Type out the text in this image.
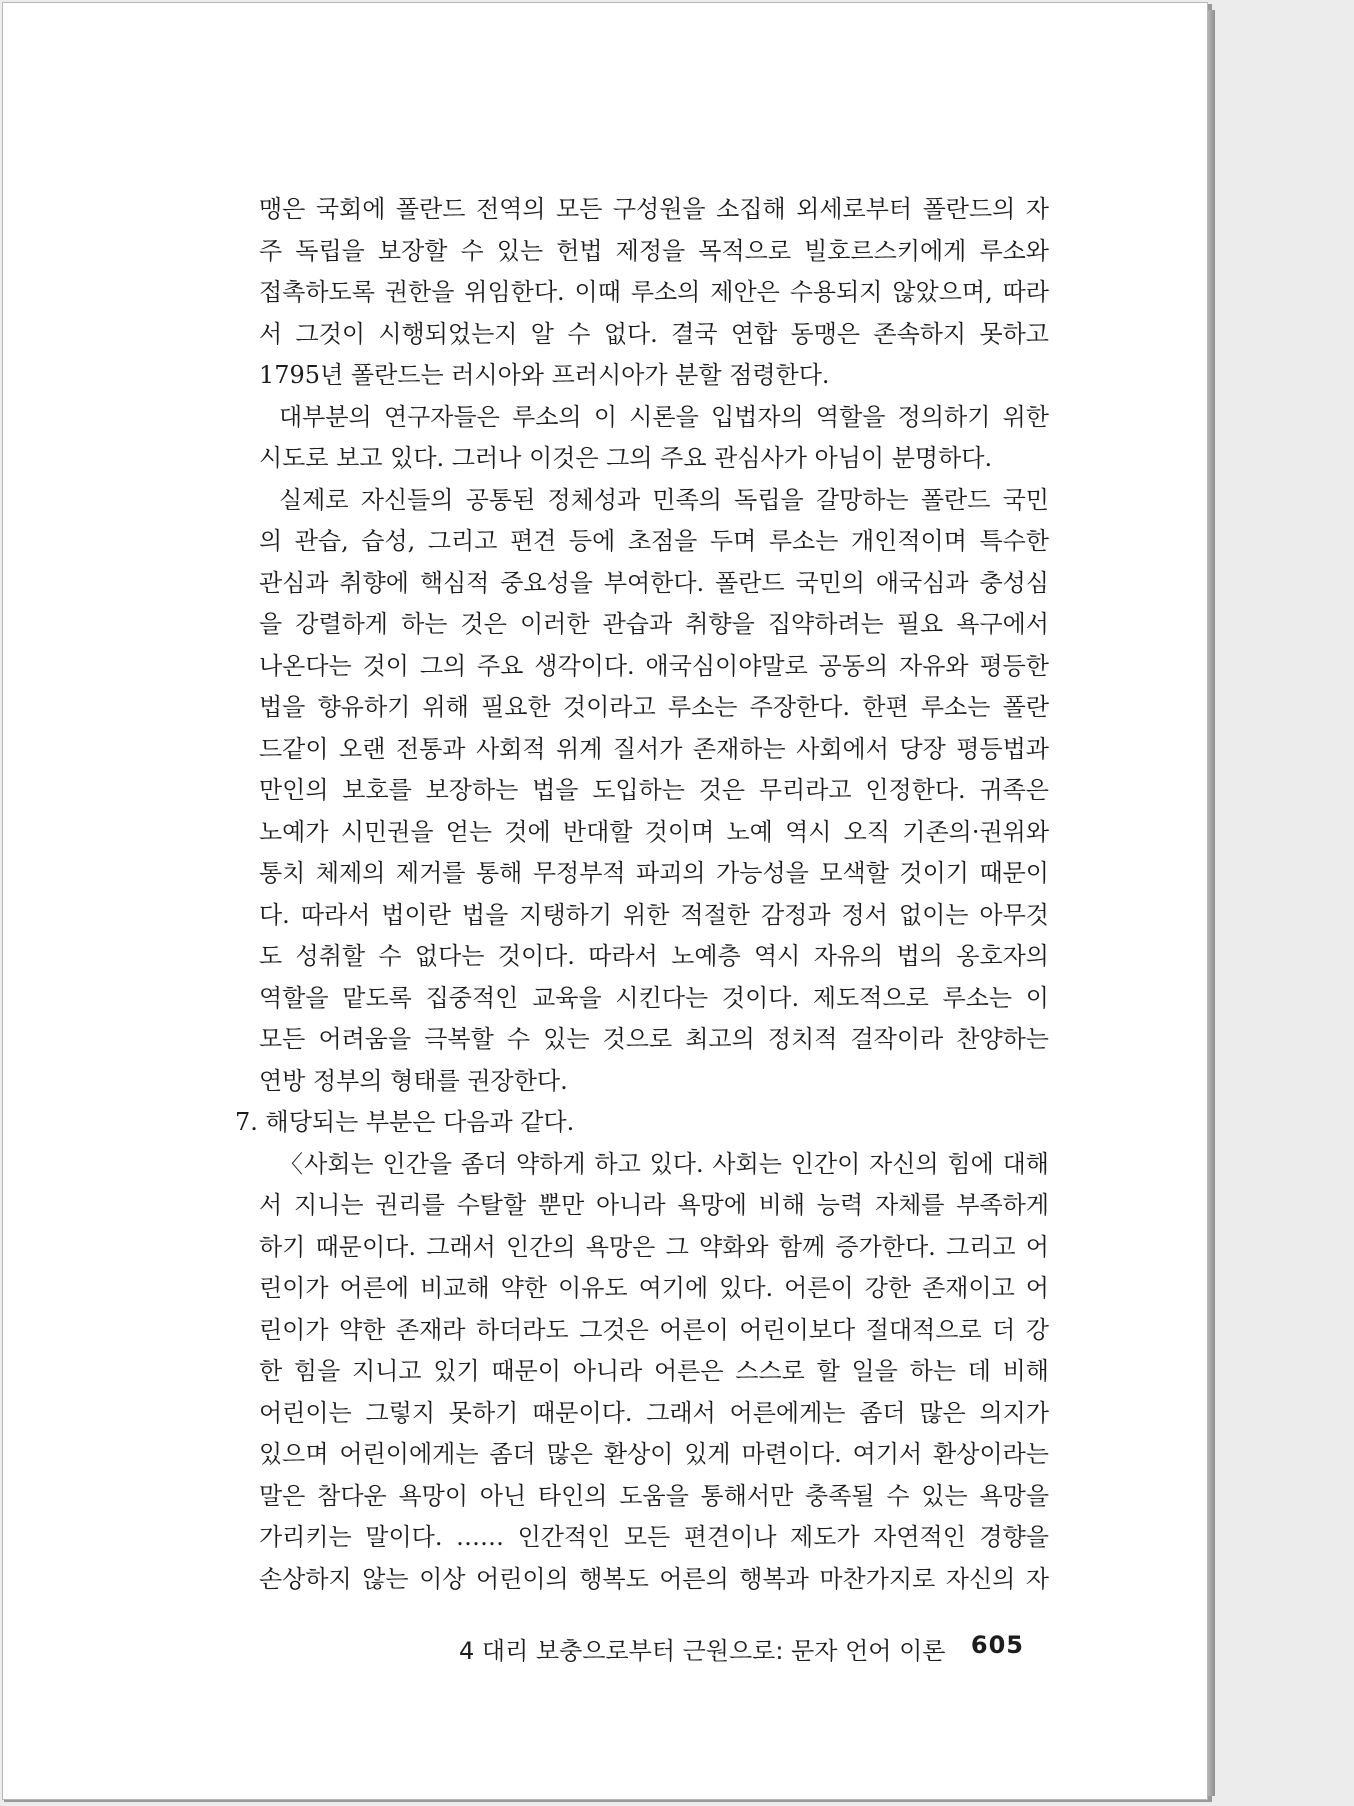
맹은 국회에 폴란드 전역의 모든 구성원을 소집해 외세로부터 폴란드의 자
주 독립을 보장할 수 있는 헌법 제정을 목적으로 빌호르스키에게 루소와
접촉하도록 권한을 위임한다. 이때 루소의 제안은 수용되지 않았으며, 따라
서 그것이 시행되었는지 알 수 없다. 결국 연합 동맹은 존속하지 못하고
1795년 폴란드는 러시아와 프러시아가 분할 점령한다.
대부분의 연구자들은 루소의 이 시론을 입법자의 역할을 정의하기 위한
시도로 보고 있다. 그러나 이것은 그의 주요 관심사가 아님이 분명하다.
실제로 자신들의 공통된 정체성과 민족의 독립을 갈망하는 폴란드 국민
의 관습, 습성, 그리고 편견 등에 초점을 두며 루소는 개인적이며 특수한
관심과 취향에 핵심적 중요성을 부여한다. 폴란드 국민의 애국심과 충성심
을 강렬하게 하는 것은 이러한 관습과 취향을 집약하려는 필요 욕구에서
나온다는 것이 그의 주요 생각이다. 애국심이야말로 공동의 자유와 평등한
법을 향유하기 위해 필요한 것이라고 루소는 주장한다. 한편 루소는 폴란
드같이 오랜 전통과 사회적 위계 질서가 존재하는 사회에서 당장 평등법과
만인의 보호를 보장하는 법을 도입하는 것은 무리라고 인정한다. 귀족은
노예가 시민권을 얻는 것에 반대할 것이며 노예 역시 오직 기존의·권위와
통치 체제의 제거를 통해 무정부적 파괴의 가능성을 모색할 것이기 때문이
다. 따라서 법이란 법을 지탱하기 위한 적절한 감정과 정서 없이는 아무것
도 성취할 수 없다는 것이다. 따라서 노예층 역시 자유의 법의 옹호자의
역할을 맡도록 집중적인 교육을 시킨다는 것이다. 제도적으로 루소는 이
모든 어려움을 극복할 수 있는 것으로 최고의 정치적 걸작이라 찬양하는
연방 정부의 형태를 권장한다.
7. 해당되는 부분은 다음과 같다.
〈사회는 인간을 좀더 약하게 하고 있다. 사회는 인간이 자신의 힘에 대해
서 지니는 권리를 수탈할 뿐만 아니라 욕망에 비해 능력 자체를 부족하게
하기 때문이다. 그래서 인간의 욕망은 그 약화와 함께 증가한다. 그리고 어
린이가 어른에 비교해 약한 이유도 여기에 있다. 어른이 강한 존재이고 어
린이가 약한 존재라 하더라도 그것은 어른이 어린이보다 절대적으로 더 강
한 힘을 지니고 있기 때문이 아니라 어른은 스스로 할 일을 하는 데 비해
어린이는 그렇지 못하기 때문이다. 그래서 어른에게는 좀더 많은 의지가
있으며 어린이에게는 좀더 많은 환상이 있게 마련이다. 여기서 환상이라는
말은 참다운 욕망이 아닌 타인의 도움을 통해서만 충족될 수 있는 욕망을
가리키는 말이다. …… 인간적인 모든 편견이나 제도가 자연적인 경향을
손상하지 않는 이상 어린이의 행복도 어른의 행복과 마찬가지로 자신의 자
4 대리 보충으로부터 근원으로: 문자 언어 이론 605
